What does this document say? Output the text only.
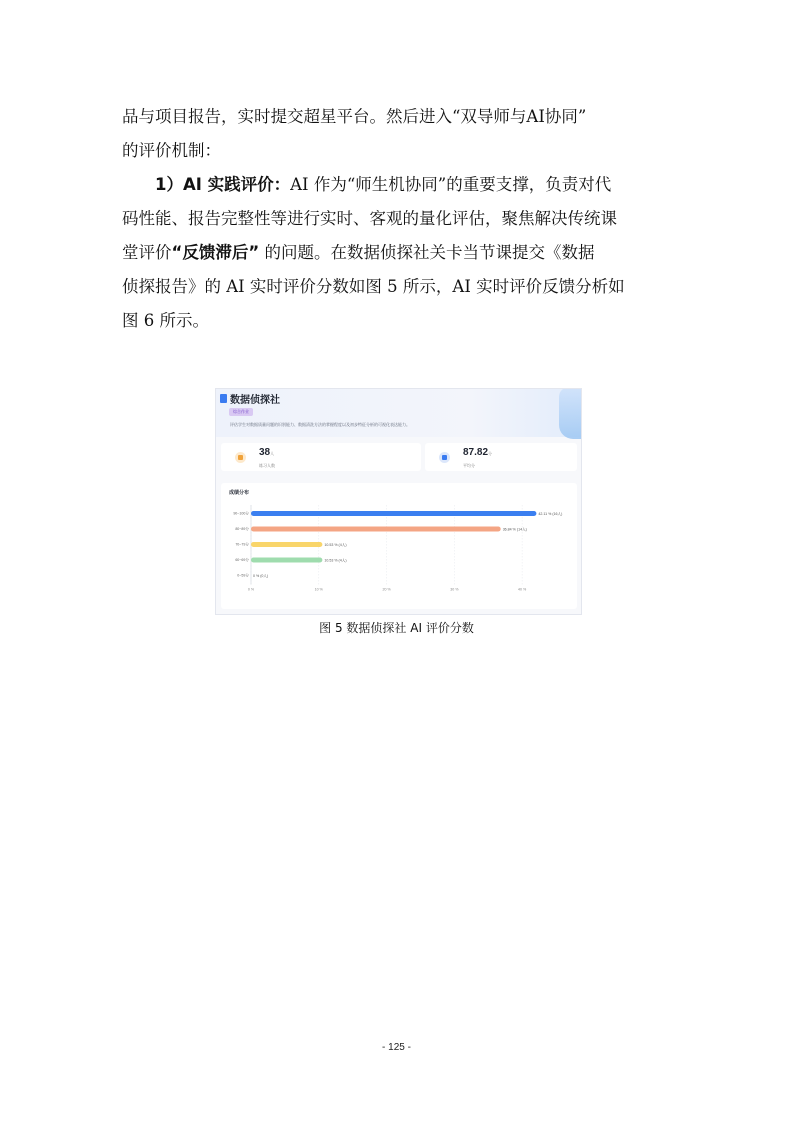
品与项目报告，实时提交超星平台。然后进入“双导师与AI协同”
的评价机制：
1）AI 实践评价：AI 作为“师生机协同”的重要支撑，负责对代
码性能、报告完整性等进行实时、客观的量化评估，聚焦解决传统课
堂评价“反馈滞后” 的问题。在数据侦探社关卡当节课提交《数据
侦探报告》的 AI 实时评价分数如图 5 所示，AI 实时评价反馈分析如
图 6 所示。
数据侦探社
综合作业
评估学生对数据质量问题的识别能力、数据清洗方法的掌握程度以及初步特征分析的可视化表达能力。
38人
练习人数
87.82分
平均分
成绩分布
0 %	10 %	20 %	30 %	40 %
90~100分	42.11 % (16人)
80~89分	36.84 % (14人)
70~79分	10.53 % (4人)
60~69分	10.53 % (4人)
0~59分 0 % (0人)
图 5 数据侦探社 AI 评价分数
- 125 -
